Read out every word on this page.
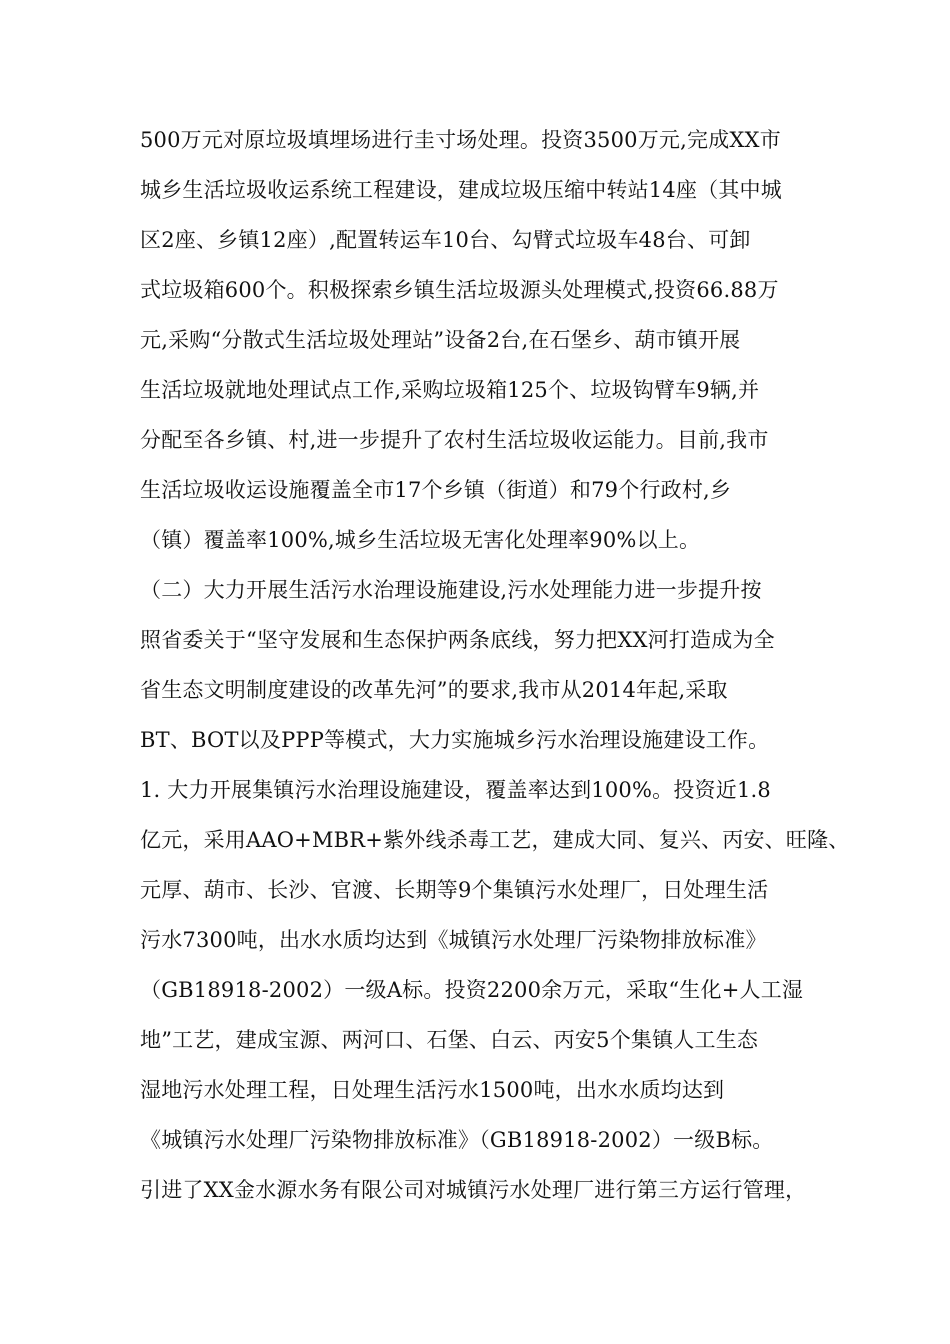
500万元对原垃圾填埋场进行圭寸场处理。投资3500万元,完成XX市
城乡生活垃圾收运系统工程建设，建成垃圾压缩中转站14座（其中城
区2座、乡镇12座）,配置转运车10台、勾臂式垃圾车48台、可卸
式垃圾箱600个。积极探索乡镇生活垃圾源头处理模式,投资66.88万
元,采购“分散式生活垃圾处理站”设备2台,在石堡乡、葫市镇开展
生活垃圾就地处理试点工作,采购垃圾箱125个、垃圾钩臂车9辆,并
分配至各乡镇、村,进一步提升了农村生活垃圾收运能力。目前,我市
生活垃圾收运设施覆盖全市17个乡镇（街道）和79个行政村,乡
（镇）覆盖率100%,城乡生活垃圾无害化处理率90%以上。
（二）大力开展生活污水治理设施建设,污水处理能力进一步提升按
照省委关于“坚守发展和生态保护两条底线，努力把XX河打造成为全
省生态文明制度建设的改革先河”的要求,我市从2014年起,采取
BT、BOT以及PPP等模式，大力实施城乡污水治理设施建设工作。
1. 大力开展集镇污水治理设施建设，覆盖率达到100%。投资近1.8
亿元，采用AAO+MBR+紫外线杀毒工艺，建成大同、复兴、丙安、旺隆、
元厚、葫市、长沙、官渡、长期等9个集镇污水处理厂，日处理生活
污水7300吨，出水水质均达到《城镇污水处理厂污染物排放标准》
（GB18918-2002）一级A标。投资2200余万元，采取“生化+人工湿
地”工艺，建成宝源、两河口、石堡、白云、丙安5个集镇人工生态
湿地污水处理工程，日处理生活污水1500吨，出水水质均达到
《城镇污水处理厂污染物排放标准》（GB18918-2002）一级B标。
引进了XX金水源水务有限公司对城镇污水处理厂进行第三方运行管理，
